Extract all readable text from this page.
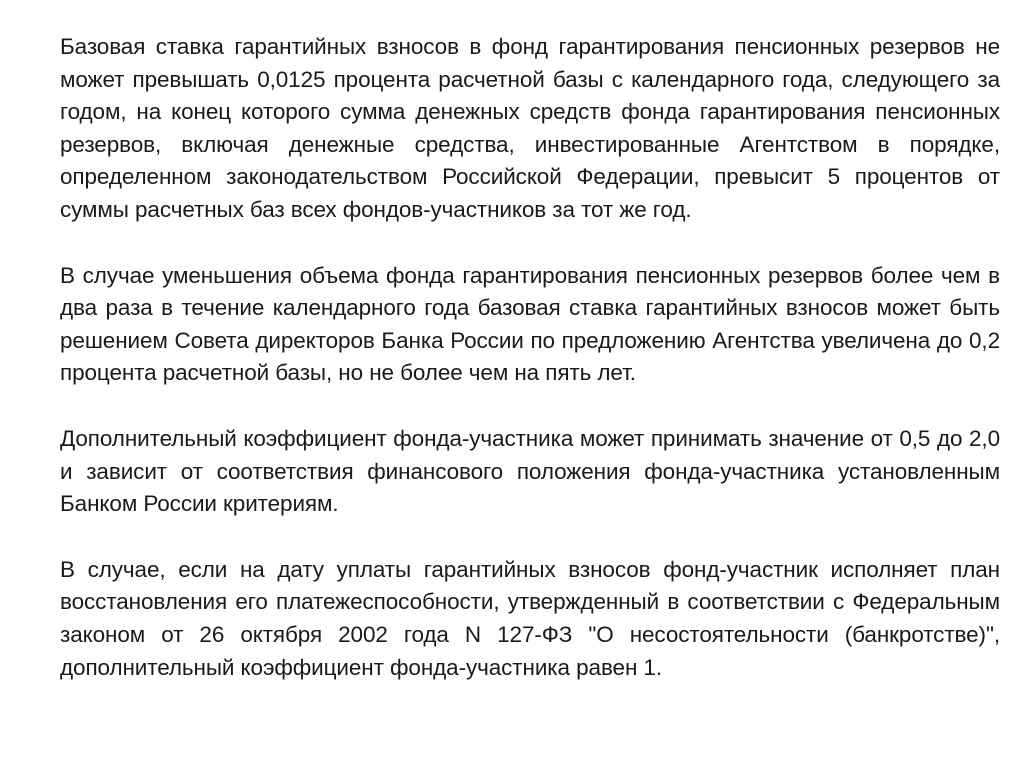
Базовая ставка гарантийных взносов в фонд гарантирования пенсионных резервов не может превышать 0,0125 процента расчетной базы с календарного года, следующего за годом, на конец которого сумма денежных средств фонда гарантирования пенсионных резервов, включая денежные средства, инвестированные Агентством в порядке, определенном законодательством Российской Федерации, превысит 5 процентов от суммы расчетных баз всех фондов-участников за тот же год.

В случае уменьшения объема фонда гарантирования пенсионных резервов более чем в два раза в течение календарного года базовая ставка гарантийных взносов может быть решением Совета директоров Банка России по предложению Агентства увеличена до 0,2 процента расчетной базы, но не более чем на пять лет.

Дополнительный коэффициент фонда-участника может принимать значение от 0,5 до 2,0 и зависит от соответствия финансового положения фонда-участника установленным Банком России критериям.

В случае, если на дату уплаты гарантийных взносов фонд-участник исполняет план восстановления его платежеспособности, утвержденный в соответствии с Федеральным законом от 26 октября 2002 года N 127-ФЗ "О несостоятельности (банкротстве)", дополнительный коэффициент фонда-участника равен 1.
